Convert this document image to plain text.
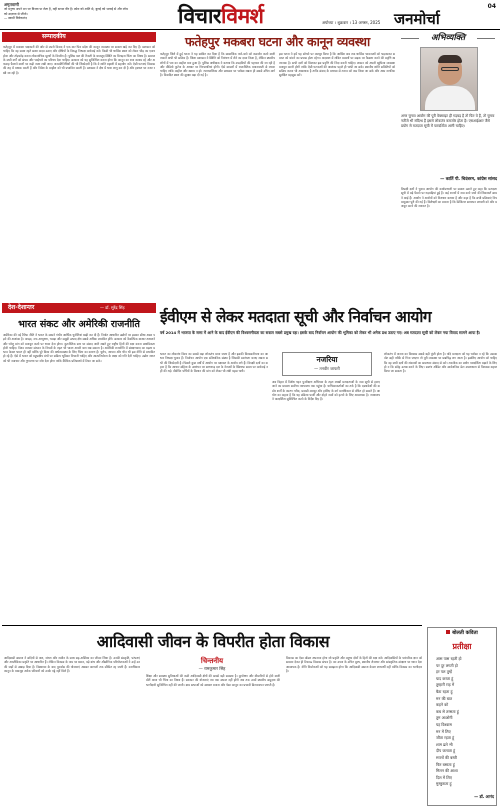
अमृतवाणी
जो मनुष्य अपने मन पर विजय पा लेता है, वही सच्चा वीर है। क्रोध को शांति से, बुराई को भलाई से और लोभ को उदारता से जीतो।
— स्वामी विवेकानंद	विचारविमर्श	अयोध्या । शुक्रवार । 13 अगस्त, 2025 जनमोर्चा
04
सम्पादकीय
फतेहपुर में मकबरा पक्षकारों की ओर से उपजे विवाद ने एक बार फिर प्रदेश की कानून व्यवस्था पर सवाल खड़े कर दिए हैं। प्रशासन को चाहिए कि वह समय रहते सख्त कदम उठाए और दोषियों के विरुद्ध निष्पक्ष कार्रवाई करे। किसी भी धार्मिक स्थल को लेकर भीड़ का एकत्र होना और तोड़फोड़ करना लोकतांत्रिक मूल्यों के विपरीत है। पुलिस बल की तैनाती के बावजूद स्थिति का बिगड़ना चिंता का विषय है। समाज के सभी वर्गों को संयम और भाईचारे का परिचय देना चाहिए। सरकार को यह सुनिश्चित करना होगा कि कानून का राज कायम रहे और अफवाह फैलाने वालों पर कड़ी नजर रखी जाए। जनप्रतिनिधियों की भी जिम्मेदारी है कि वे शांति बहाली में सहयोग करें। ऐसी घटनाएं विकास की राह में बाधक बनती हैं और निवेश के माहौल को भी प्रभावित करती हैं। प्रशासन ने क्षेत्र में धारा लागू कर दी है और हालात पर नजर रखी जा रही है।
फतेहपुर मकबरा घटना और कानून व्यवस्था
फतेहपुर जिले में हुई घटना ने यह साबित कर दिया है कि सामाजिक ताने-बाने को कमजोर करने वाली ताकतें अभी भी सक्रिय हैं। जिला प्रशासन ने स्थिति को नियंत्रण में लेने का दावा किया है, लेकिन स्थानीय लोगों में भय का माहौल बना हुआ है। पुलिस अधीक्षक ने बताया कि उपद्रवियों की पहचान की जा रही है और वीडियो फुटेज के आधार पर गिरफ्तारियां होंगी। ऐसे मामलों में राजनीतिक बयानबाजी से बचना चाहिए ताकि माहौल और खराब न हो। न्यायपालिका और प्रशासन पर भरोसा रखना ही सबसे उचित मार्ग है। विवादित स्थल की सुरक्षा बढ़ा दी गई है।
इस घटना ने हमें यह सोचने पर मजबूर किया है कि आखिर कब तक धार्मिक भावनाओं को भड़काकर समाज को बांटने का प्रयास होता रहेगा। अदालत में लंबित मामलों पर सड़क पर फैसला करने की प्रवृत्ति खतरनाक है। सभी दलों को मिलकर इस प्रवृत्ति की निंदा करनी चाहिए। शासन को अपनी खुफिया व्यवस्था मजबूत करनी होगी ताकि ऐसी घटनाओं की आशंका पहले ही भांपी जा सके। स्थानीय शांति समितियों को सक्रिय करना भी आवश्यक है ताकि संवाद के माध्यम से तनाव को कम किया जा सके और आम नागरिक सुरक्षित महसूस करें।
अभिव्यक्ति
अगर चुनाव आयोग की पूरी वेबसाइट ही गड़बड़ है तो फिर ये हैं, तो चुनाव नतीजे भी संदिग्ध हैं इससे लोकतंत्र कमजोर होता है। एसआईआर जैसे प्रयोग से मतदाता सूची में पारदर्शिता आनी चाहिए।
— कार्ति पी. चिदंबरम, कांग्रेस सांसद
विपक्षी दलों ने चुनाव आयोग की कार्यप्रणाली पर सवाल उठाते हुए कहा कि मतदाता सूची में बड़े पैमाने पर गड़बड़ियां हुई हैं। कई राज्यों में नाम काटे जाने की शिकायतें सामने आई हैं। आयोग ने आरोपों को निराधार बताया है और कहा है कि सभी प्रक्रियाएं नियमानुसार पूरी की गई हैं। विशेषज्ञों का मानना है कि डिजिटल सत्यापन प्रणाली को और मजबूत करने की जरूरत है।
देश-देशान्तर	— डॉ. सुरेंद्र सिंह
भारत संकट और अमेरिकी राजनीति
अमेरिका की नई टैरिफ नीति ने भारत के सामने गंभीर आर्थिक चुनौतियां खड़ी कर दी हैं। निर्यात आधारित उद्योगों पर इसका सीधा असर पड़ने की आशंका है। कपड़ा, रत्न-आभूषण, चमड़ा और समुद्री उत्पाद क्षेत्र सबसे अधिक प्रभावित होंगे। सरकार को वैकल्पिक बाजार तलाशने और घरेलू मांग को मजबूत करने पर ध्यान देना होगा। कूटनीतिक स्तर पर संवाद जारी रखते हुए राष्ट्रीय हितों की रक्षा करना प्राथमिकता होनी चाहिए। विश्व व्यापार संगठन के नियमों के तहत भी भारत अपनी बात रख सकता है। अमेरिकी राजनीति में संरक्षणवाद का बढ़ता प्रभाव केवल भारत ही नहीं बल्कि पूरे विश्व की अर्थव्यवस्था के लिए चिंता का कारण है। यूरोप, जापान और चीन भी इस नीति से प्रभावित हो रहे हैं। ऐसे में भारत को बहुपक्षीय मंचों पर सक्रिय भूमिका निभानी चाहिए और आत्मनिर्भरता के लक्ष्य को गति देनी चाहिए। उद्योग जगत को भी नवाचार और गुणवत्ता पर जोर देना होगा ताकि वैश्विक प्रतिस्पर्धा में टिका जा सके।
ईवीएम से लेकर मतदाता सूची और निर्वाचन आयोग
वर्ष 2014 में भाजपा के सत्ता में आने के बाद ईवीएम की विश्वसनीयता का सवाल सबसे प्रमुख रहा। इसके बाद निर्वाचन आयोग की भूमिका को लेकर भी अनेक प्रश्न उठाए गए। अब मतदाता सूची को लेकर नया विवाद सामने आया है।
भारत का लोकतंत्र विश्व का सबसे बड़ा लोकतंत्र माना जाता है और इसकी विश्वसनीयता का आधार निष्पक्ष चुनाव हैं। निर्वाचन आयोग एक संवैधानिक संस्था है जिसकी स्वतंत्रता बनाए रखना सभी की जिम्मेदारी है। पिछले कुछ वर्षों में आयोग पर पक्षपात के आरोप लगे हैं। विपक्षी दलों का कहना है कि आचार संहिता के उल्लंघन पर सत्तारूढ़ दल के नेताओं के खिलाफ समय पर कार्रवाई नहीं की गई। वीवीपैट पर्चियों के मिलान की मांग को लेकर भी लंबी बहस चली।
अब बिहार में विशेष गहन पुनरीक्षण अभियान के तहत लाखों मतदाताओं के नाम सूची से हटाए जाने का मामला सर्वोच्च न्यायालय तक पहुंचा है। याचिकाकर्ताओं का तर्क है कि दस्तावेजों की कठोर शर्तों के कारण गरीब, प्रवासी मजदूर और हाशिए के वर्ग मताधिकार से वंचित हो सकते हैं। आयोग का कहना है कि यह प्रक्रिया फर्जी और दोहरे नामों को हटाने के लिए आवश्यक है। न्यायालय ने पारदर्शिता सुनिश्चित करने के निर्देश दिए हैं।
नजरिया
— तनवीर जाफरी
लोकतंत्र में जनता का विश्वास सबसे बड़ी पूंजी होता है। यदि मतदाता को यह भरोसा न रहे कि उसका वोट सही तरीके से गिना जाएगा तो पूरी व्यवस्था पर प्रश्नचिह्न लग जाता है। इसलिए आयोग को चाहिए कि वह सभी दलों की शंकाओं का समाधान संवाद से करे। तकनीक का प्रयोग पारदर्शिता बढ़ाने के लिए हो न कि संदेह उत्पन्न करने के लिए। स्वतंत्र ऑडिट और सार्वजनिक डेटा उपलब्धता से विश्वास बहाल किया जा सकता है।
आदिवासी जीवन के विपरीत होता विकास
आदिवासी समाज ने सदियों से जल, जंगल और जमीन के साथ सह-अस्तित्व का जीवन जिया है। उनकी संस्कृति, परंपराएं और आजीविका प्रकृति पर आधारित हैं। लेकिन विकास के नाम पर खनन, बड़े बांध और औद्योगिक परियोजनाओं ने उन्हें उनकी जड़ों से उखाड़ दिया है। विस्थापन के बाद पुनर्वास की योजनाएं अक्सर कागजों तक सीमित रह जाती हैं। वनाधिकार कानून के बावजूद अनेक परिवारों को उनके पट्टे नहीं मिले हैं।
चिन्तनीय
— रामकुमार सिंह
शिक्षा और स्वास्थ्य सुविधाओं की कमी आदिवासी क्षेत्रों की सबसे बड़ी समस्या है। कुपोषण और बीमारियों से होने वाली मौतें आज भी चिंता का विषय हैं। सरकार की योजनाएं तब तक सफल नहीं होंगी जब तक उनमें स्थानीय समुदाय की भागीदारी सुनिश्चित नहीं की जाती। ग्राम सभाओं को सशक्त बनाना और पेसा कानून का प्रभावी क्रियान्वयन जरूरी है।
विकास का ऐसा मॉडल अपनाना होगा जो प्रकृति और मनुष्य दोनों के हितों की रक्षा करे। आदिवासियों के पारंपरिक ज्ञान को सम्मान देकर ही टिकाऊ विकास संभव है। वन उपज के उचित मूल्य, स्थानीय रोजगार और सांस्कृतिक संरक्षण पर ध्यान देना आवश्यक है। नीति निर्माताओं को यह समझना होगा कि आदिवासी समाज केवल लाभार्थी नहीं बल्कि विकास का भागीदार है।
बोलती कविता
प्रतीक्षा
आस पास रहती हो
पर दूर लगती हो
हर पल तुम्हें
याद करता हूं
तुम्हारी राह में
बैठा रहता हूं
मन की बात
कहने को
कब से तरसता हूं
तुम आओगी
यह विश्वास
मन में लिए
जीता रहता हूं
शाम ढले भी
दीप जलाता हूं
सपनों की बस्ती
फिर बसाता हूं
मिलन की आशा
दिल में लिए
मुस्कुराता हूं
— डॉ. आनंद
